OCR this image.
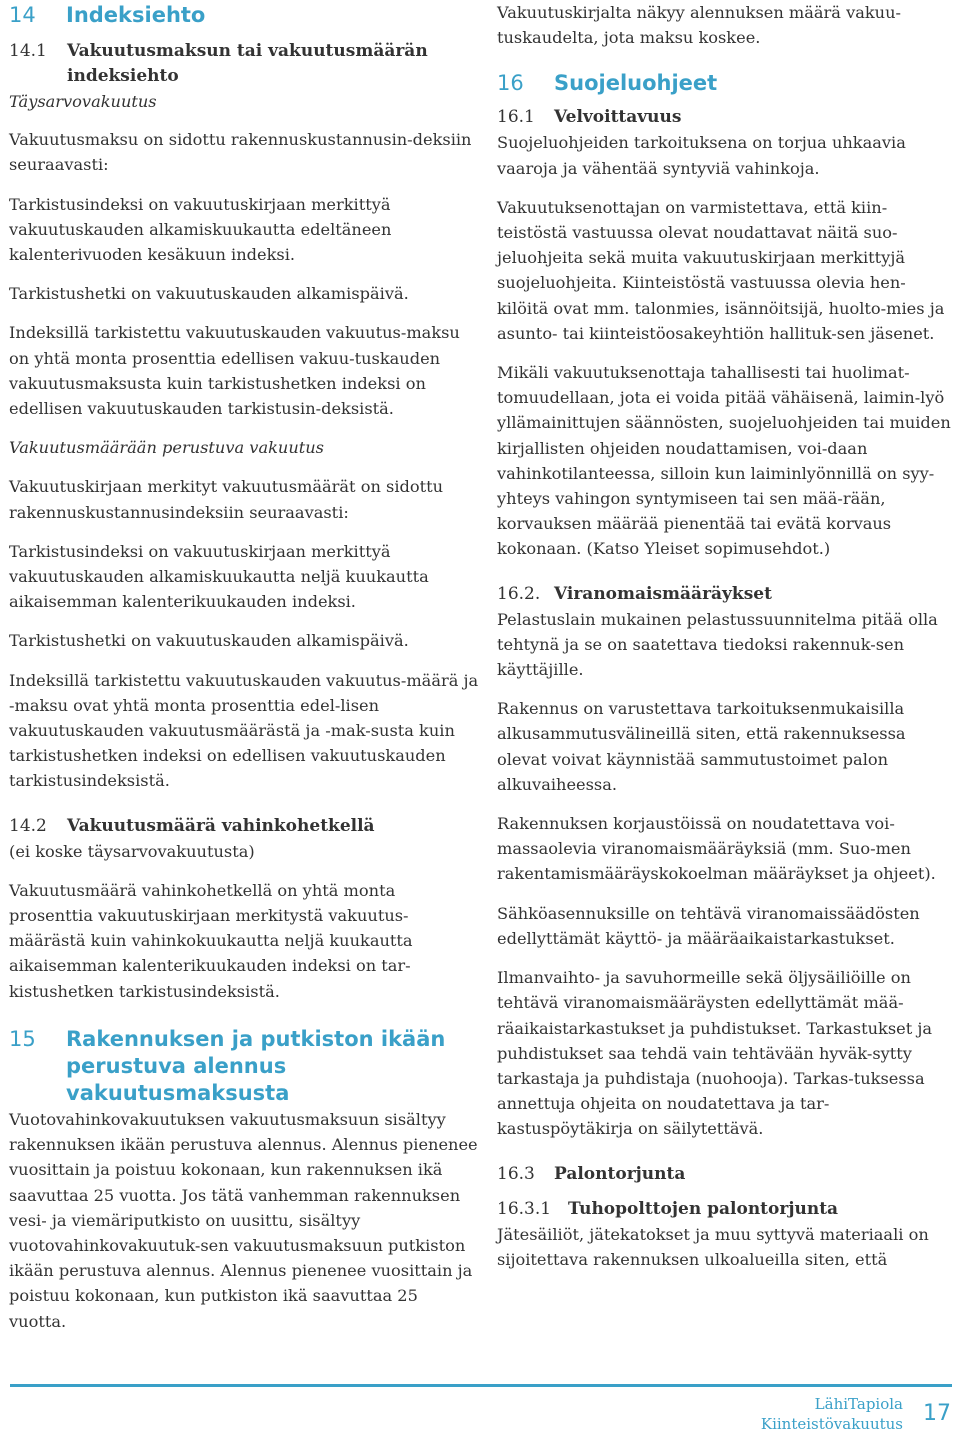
14	Indeksiehto
14.1	Vakuutusmaksun tai vakuutusmäärän indeksiehto

Täysarvovakuutus

Vakuutusmaksu on sidottu rakennuskustannusin-deksiin seuraavasti:

Tarkistusindeksi on vakuutuskirjaan merkittyä vakuutuskauden alkamiskuukautta edeltäneen kalenterivuoden kesäkuun indeksi.

Tarkistushetki on vakuutuskauden alkamispäivä.

Indeksillä tarkistettu vakuutuskauden vakuutus-maksu on yhtä monta prosenttia edellisen vakuu-tuskauden vakuutusmaksusta kuin tarkistushetken indeksi on edellisen vakuutuskauden tarkistusin-deksistä.

Vakuutusmäärään perustuva vakuutus

Vakuutuskirjaan merkityt vakuutusmäärät on sidottu rakennuskustannusindeksiin seuraavasti:

Tarkistusindeksi on vakuutuskirjaan merkittyä vakuutuskauden alkamiskuukautta neljä kuukautta aikaisemman kalenterikuukauden indeksi.

Tarkistushetki on vakuutuskauden alkamispäivä.

Indeksillä tarkistettu vakuutuskauden vakuutus-määrä ja -maksu ovat yhtä monta prosenttia edel-lisen vakuutuskauden vakuutusmäärästä ja -mak-susta kuin tarkistushetken indeksi on edellisen vakuutuskauden tarkistusindeksistä.

14.2	Vakuutusmäärä vahinkohetkellä

(ei koske täysarvovakuutusta)

Vakuutusmäärä vahinkohetkellä on yhtä monta prosenttia vakuutuskirjaan merkitystä vakuutus-määrästä kuin vahinkokuukautta neljä kuukautta aikaisemman kalenterikuukauden indeksi on tar-kistushetken tarkistusindeksistä.

15	Rakennuksen ja putkiston ikään perustuva alennus vakuutusmaksusta

Vuotovahinkovakuutuksen vakuutusmaksuun sisältyy rakennuksen ikään perustuva alennus. Alennus pienenee vuosittain ja poistuu kokonaan, kun rakennuksen ikä saavuttaa 25 vuotta. Jos tätä vanhemman rakennuksen vesi- ja viemäriputkisto on uusittu, sisältyy vuotovahinkovakuutuk-sen vakuutusmaksuun putkiston ikään perustuva alennus. Alennus pienenee vuosittain ja poistuu kokonaan, kun putkiston ikä saavuttaa 25 vuotta.

Vakuutuskirjalta näkyy alennuksen määrä vakuu-tuskaudelta, jota maksu koskee.

16	Suojeluohjeet
16.1	Velvoittavuus

Suojeluohjeiden tarkoituksena on torjua uhkaavia vaaroja ja vähentää syntyviä vahinkoja.

Vakuutuksenottajan on varmistettava, että kiin-teistöstä vastuussa olevat noudattavat näitä suo-jeluohjeita sekä muita vakuutuskirjaan merkittyjä suojeluohjeita. Kiinteistöstä vastuussa olevia hen-kilöitä ovat mm. talonmies, isännöitsijä, huolto-mies ja asunto- tai kiinteistöosakeyhtiön hallituk-sen jäsenet.

Mikäli vakuutuksenottaja tahallisesti tai huolimat-tomuudellaan, jota ei voida pitää vähäisenä, laimin-lyö yllämainittujen säännösten, suojeluohjeiden tai muiden kirjallisten ohjeiden noudattamisen, voi-daan vahinkotilanteessa, silloin kun laiminlyönnillä on syy-yhteys vahingon syntymiseen tai sen mää-rään, korvauksen määrää pienentää tai evätä korvaus kokonaan. (Katso Yleiset sopimusehdot.)

16.2. Viranomaismääräykset

Pelastuslain mukainen pelastussuunnitelma pitää olla tehtynä ja se on saatettava tiedoksi rakennuk-sen käyttäjille.

Rakennus on varustettava tarkoituksenmukaisilla alkusammutusvälineillä siten, että rakennuksessa olevat voivat käynnistää sammutustoimet palon alkuvaiheessa.

Rakennuksen korjaustöissä on noudatettava voi-massaolevia viranomaismääräyksiä (mm. Suo-men rakentamismääräyskokoelman määräykset ja ohjeet).

Sähköasennuksille on tehtävä viranomaissäädösten edellyttämät käyttö- ja määräaikaistarkastukset.

Ilmanvaihto- ja savuhormeille sekä öljysäiliöille on tehtävä viranomaismääräysten edellyttämät mää-räaikaistarkastukset ja puhdistukset. Tarkastukset ja puhdistukset saa tehdä vain tehtävään hyväk-sytty tarkastaja ja puhdistaja (nuohooja). Tarkas-tuksessa annettuja ohjeita on noudatettava ja tar-kastuspöytäkirja on säilytettävä.

16.3	Palontorjunta
16.3.1 Tuhopolttojen palontorjunta

Jätesäiliöt, jätekatokset ja muu syttyvä materiaali on sijoitettava rakennuksen ulkoalueilla siten, että

LähiTapiola
Kiinteistövakuutus 17
